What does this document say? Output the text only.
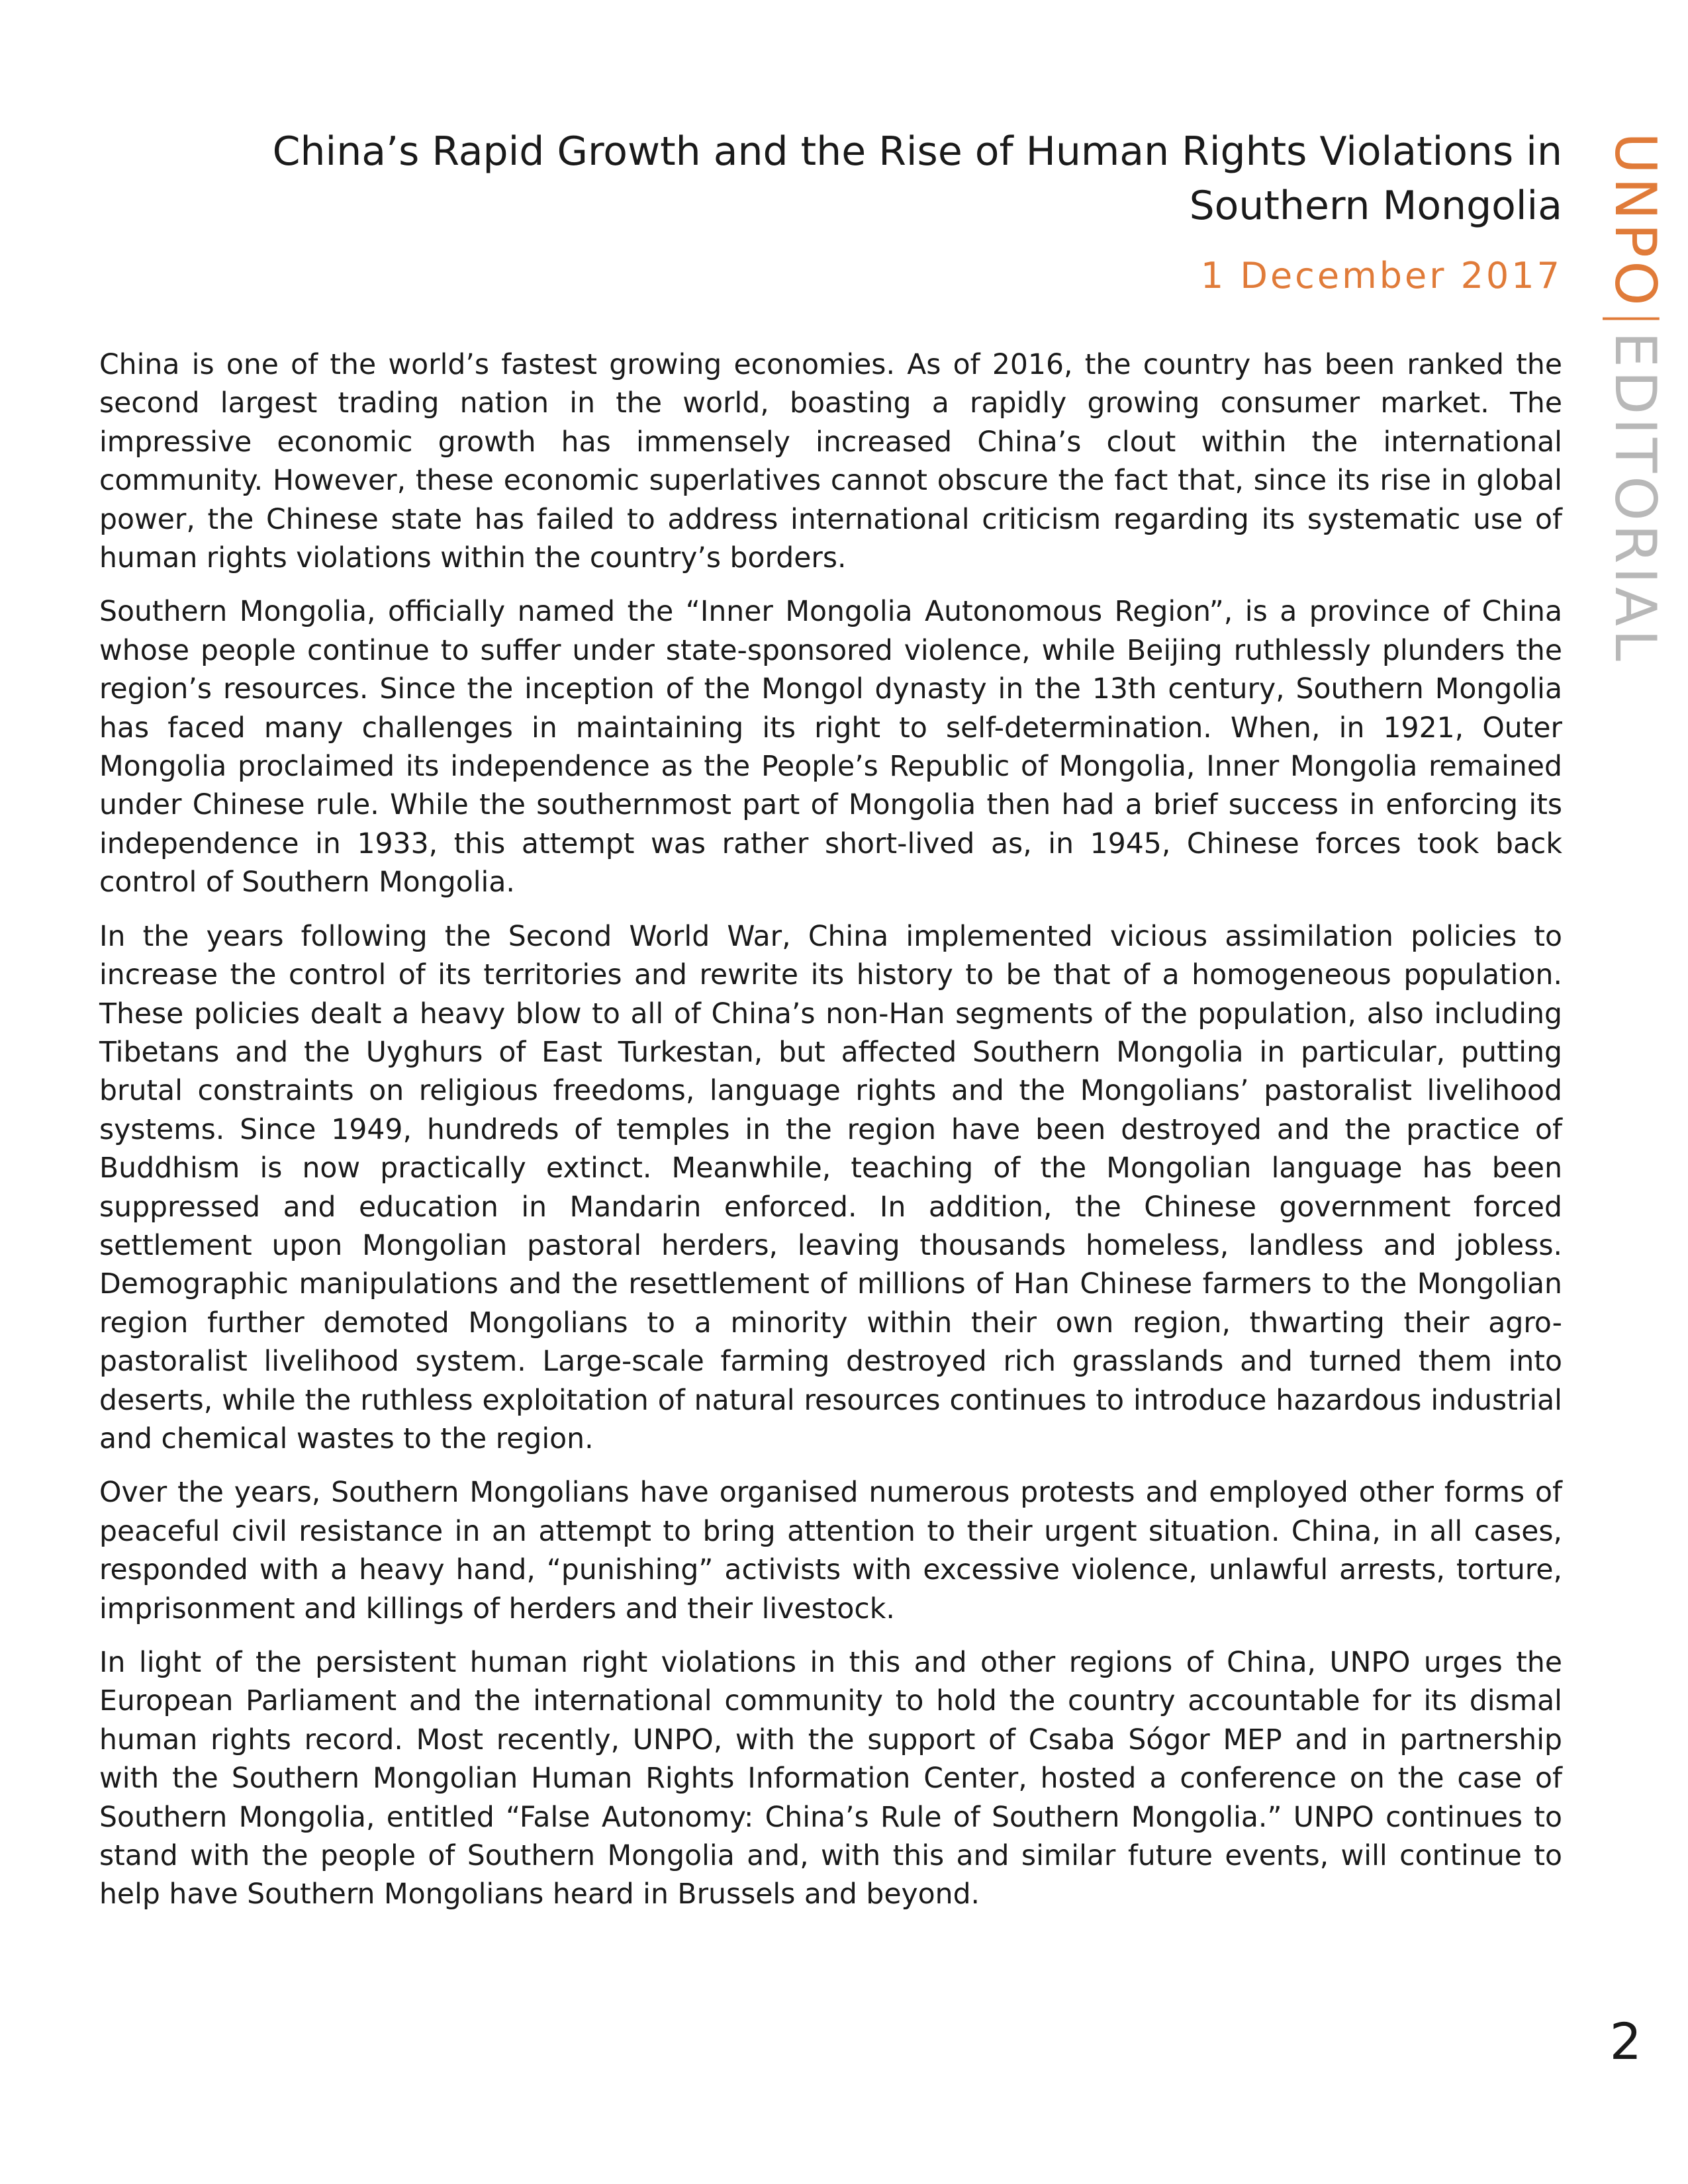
China’s Rapid Growth and the Rise of Human Rights Violations in
Southern Mongolia
1 December 2017

China is one of the world’s fastest growing economies. As of 2016, the country has been ranked the second largest trading nation in the world, boasting a rapidly growing consumer market. The impressive economic growth has immensely increased China’s clout within the international community. However, these economic superlatives cannot obscure the fact that, since its rise in global power, the Chinese state has failed to address international criticism regarding its systematic use of human rights violations within the country’s borders.

Southern Mongolia, officially named the “Inner Mongolia Autonomous Region”, is a province of China whose people continue to suffer under state-sponsored violence, while Beijing ruthlessly plunders the region’s resources. Since the inception of the Mongol dynasty in the 13th century, Southern Mongolia has faced many challenges in maintaining its right to self-determination. When, in 1921, Outer Mongolia proclaimed its independence as the People’s Republic of Mongolia, Inner Mongolia remained under Chinese rule. While the southernmost part of Mongolia then had a brief success in enforcing its independence in 1933, this attempt was rather short-lived as, in 1945, Chinese forces took back control of Southern Mongolia.

In the years following the Second World War, China implemented vicious assimilation policies to increase the control of its territories and rewrite its history to be that of a homogeneous population. These policies dealt a heavy blow to all of China’s non-Han segments of the population, also including Tibetans and the Uyghurs of East Turkestan, but affected Southern Mongolia in particular, putting brutal constraints on religious freedoms, language rights and the Mongolians’ pastoralist livelihood systems. Since 1949, hundreds of temples in the region have been destroyed and the practice of Buddhism is now practically extinct. Meanwhile, teaching of the Mongolian language has been suppressed and education in Mandarin enforced. In addition, the Chinese government forced settlement upon Mongolian pastoral herders, leaving thousands homeless, landless and jobless. Demographic manipulations and the resettlement of millions of Han Chinese farmers to the Mongolian region further demoted Mongolians to a minority within their own region, thwarting their agro-pastoralist livelihood system. Large-scale farming destroyed rich grasslands and turned them into deserts, while the ruthless exploitation of natural resources continues to introduce hazardous industrial and chemical wastes to the region.

Over the years, Southern Mongolians have organised numerous protests and employed other forms of peaceful civil resistance in an attempt to bring attention to their urgent situation. China, in all cases, responded with a heavy hand, “punishing” activists with excessive violence, unlawful arrests, torture, imprisonment and killings of herders and their livestock.

In light of the persistent human right violations in this and other regions of China, UNPO urges the European Parliament and the international community to hold the country accountable for its dismal human rights record. Most recently, UNPO, with the support of Csaba Sógor MEP and in partnership with the Southern Mongolian Human Rights Information Center, hosted a conference on the case of Southern Mongolia, entitled “False Autonomy: China’s Rule of Southern Mongolia.” UNPO continues to stand with the people of Southern Mongolia and, with this and similar future events, will continue to help have Southern Mongolians heard in Brussels and beyond.

UNPO|EDITORIAL
2
